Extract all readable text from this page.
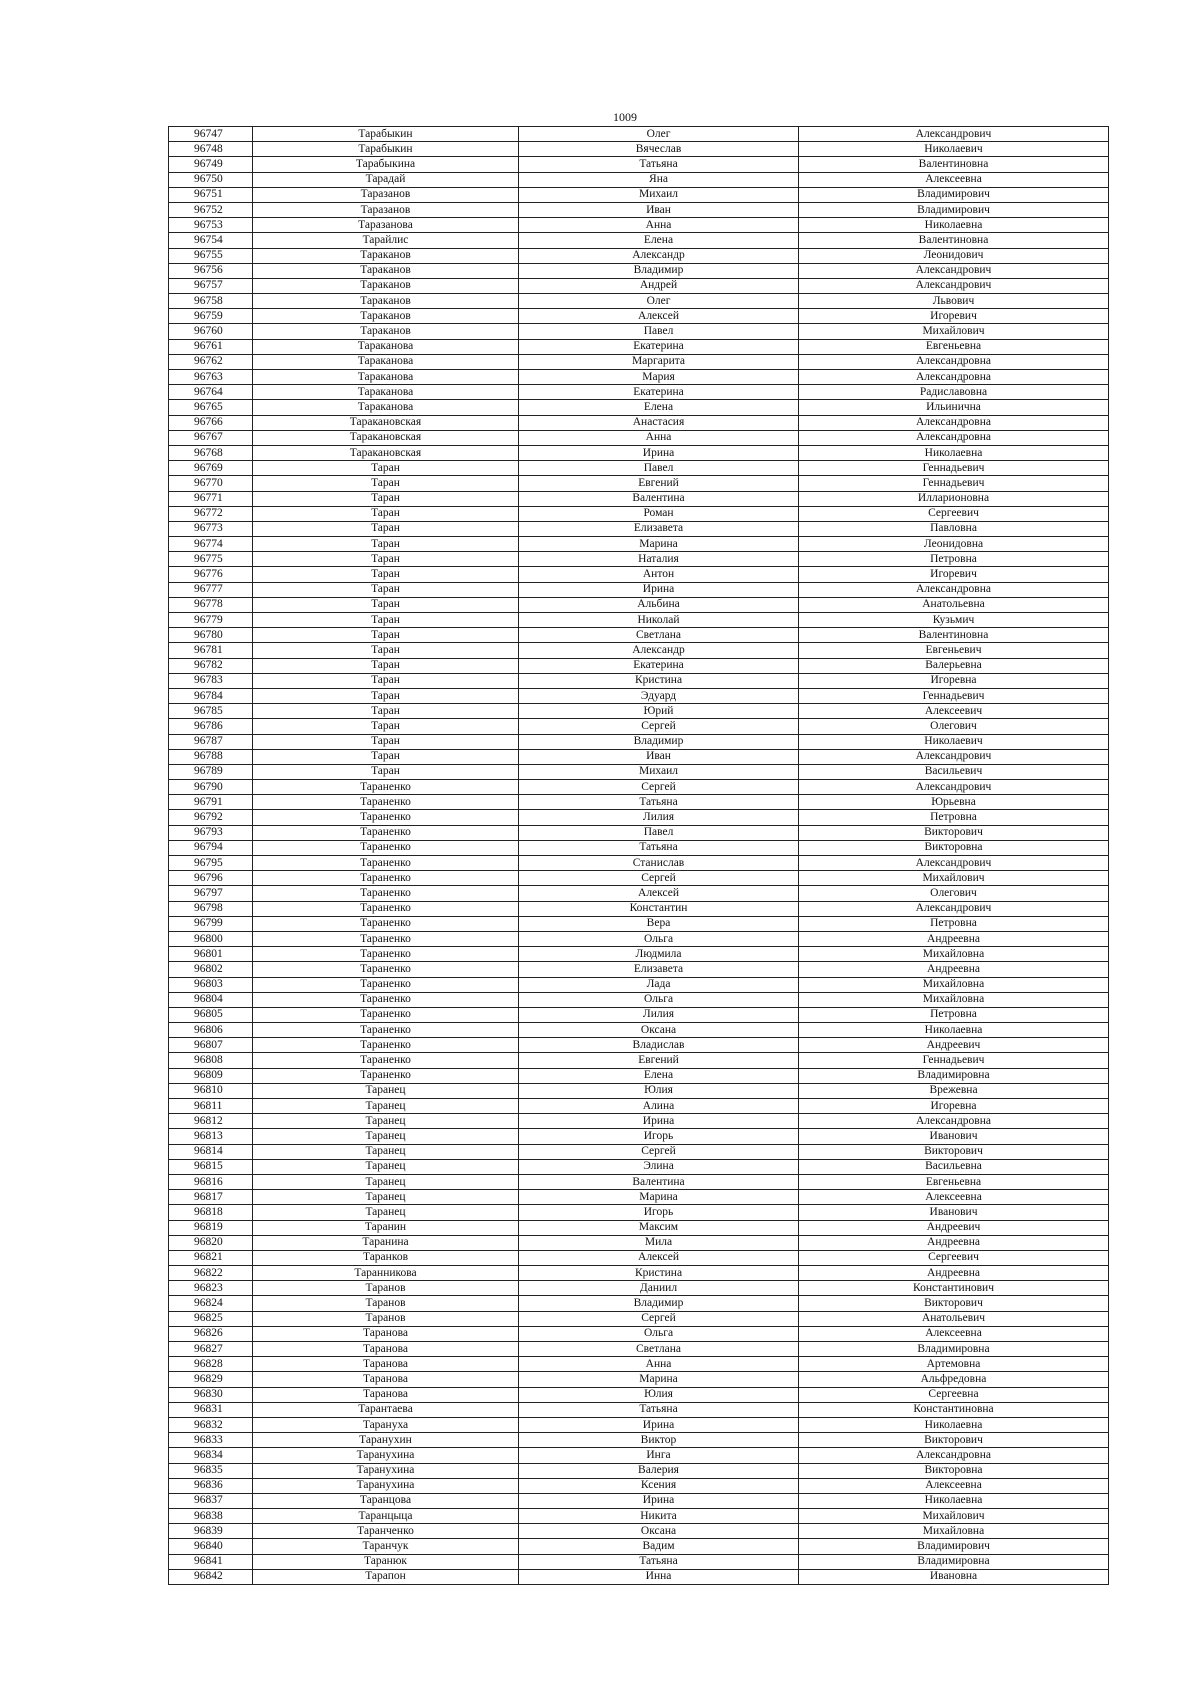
1009
96747	Тарабыкин	Олег	Александрович
96748	Тарабыкин	Вячеслав	Николаевич
96749	Тарабыкина	Татьяна	Валентиновна
96750	Тарадай	Яна	Алексеевна
96751	Таразанов	Михаил	Владимирович
96752	Таразанов	Иван	Владимирович
96753	Таразанова	Анна	Николаевна
96754	Тарайлис	Елена	Валентиновна
96755	Тараканов	Александр	Леонидович
96756	Тараканов	Владимир	Александрович
96757	Тараканов	Андрей	Александрович
96758	Тараканов	Олег	Львович
96759	Тараканов	Алексей	Игоревич
96760	Тараканов	Павел	Михайлович
96761	Тараканова	Екатерина	Евгеньевна
96762	Тараканова	Маргарита	Александровна
96763	Тараканова	Мария	Александровна
96764	Тараканова	Екатерина	Радиславовна
96765	Тараканова	Елена	Ильинична
96766	Таракановская	Анастасия	Александровна
96767	Таракановская	Анна	Александровна
96768	Таракановская	Ирина	Николаевна
96769	Таран	Павел	Геннадьевич
96770	Таран	Евгений	Геннадьевич
96771	Таран	Валентина	Илларионовна
96772	Таран	Роман	Сергеевич
96773	Таран	Елизавета	Павловна
96774	Таран	Марина	Леонидовна
96775	Таран	Наталия	Петровна
96776	Таран	Антон	Игоревич
96777	Таран	Ирина	Александровна
96778	Таран	Альбина	Анатольевна
96779	Таран	Николай	Кузьмич
96780	Таран	Светлана	Валентиновна
96781	Таран	Александр	Евгеньевич
96782	Таран	Екатерина	Валерьевна
96783	Таран	Кристина	Игоревна
96784	Таран	Эдуард	Геннадьевич
96785	Таран	Юрий	Алексеевич
96786	Таран	Сергей	Олегович
96787	Таран	Владимир	Николаевич
96788	Таран	Иван	Александрович
96789	Таран	Михаил	Васильевич
96790	Тараненко	Сергей	Александрович
96791	Тараненко	Татьяна	Юрьевна
96792	Тараненко	Лилия	Петровна
96793	Тараненко	Павел	Викторович
96794	Тараненко	Татьяна	Викторовна
96795	Тараненко	Станислав	Александрович
96796	Тараненко	Сергей	Михайлович
96797	Тараненко	Алексей	Олегович
96798	Тараненко	Константин	Александрович
96799	Тараненко	Вера	Петровна
96800	Тараненко	Ольга	Андреевна
96801	Тараненко	Людмила	Михайловна
96802	Тараненко	Елизавета	Андреевна
96803	Тараненко	Лада	Михайловна
96804	Тараненко	Ольга	Михайловна
96805	Тараненко	Лилия	Петровна
96806	Тараненко	Оксана	Николаевна
96807	Тараненко	Владислав	Андреевич
96808	Тараненко	Евгений	Геннадьевич
96809	Тараненко	Елена	Владимировна
96810	Таранец	Юлия	Врежевна
96811	Таранец	Алина	Игоревна
96812	Таранец	Ирина	Александровна
96813	Таранец	Игорь	Иванович
96814	Таранец	Сергей	Викторович
96815	Таранец	Элина	Васильевна
96816	Таранец	Валентина	Евгеньевна
96817	Таранец	Марина	Алексеевна
96818	Таранец	Игорь	Иванович
96819	Таранин	Максим	Андреевич
96820	Таранина	Мила	Андреевна
96821	Таранков	Алексей	Сергеевич
96822	Таранникова	Кристина	Андреевна
96823	Таранов	Даниил	Константинович
96824	Таранов	Владимир	Викторович
96825	Таранов	Сергей	Анатольевич
96826	Таранова	Ольга	Алексеевна
96827	Таранова	Светлана	Владимировна
96828	Таранова	Анна	Артемовна
96829	Таранова	Марина	Альфредовна
96830	Таранова	Юлия	Сергеевна
96831	Тарантаева	Татьяна	Константиновна
96832	Тарануха	Ирина	Николаевна
96833	Таранухин	Виктор	Викторович
96834	Таранухина	Инга	Александровна
96835	Таранухина	Валерия	Викторовна
96836	Таранухина	Ксения	Алексеевна
96837	Таранцова	Ирина	Николаевна
96838	Таранцыца	Никита	Михайлович
96839	Таранченко	Оксана	Михайловна
96840	Таранчук	Вадим	Владимирович
96841	Таранюк	Татьяна	Владимировна
96842	Тарапон	Инна	Ивановна
